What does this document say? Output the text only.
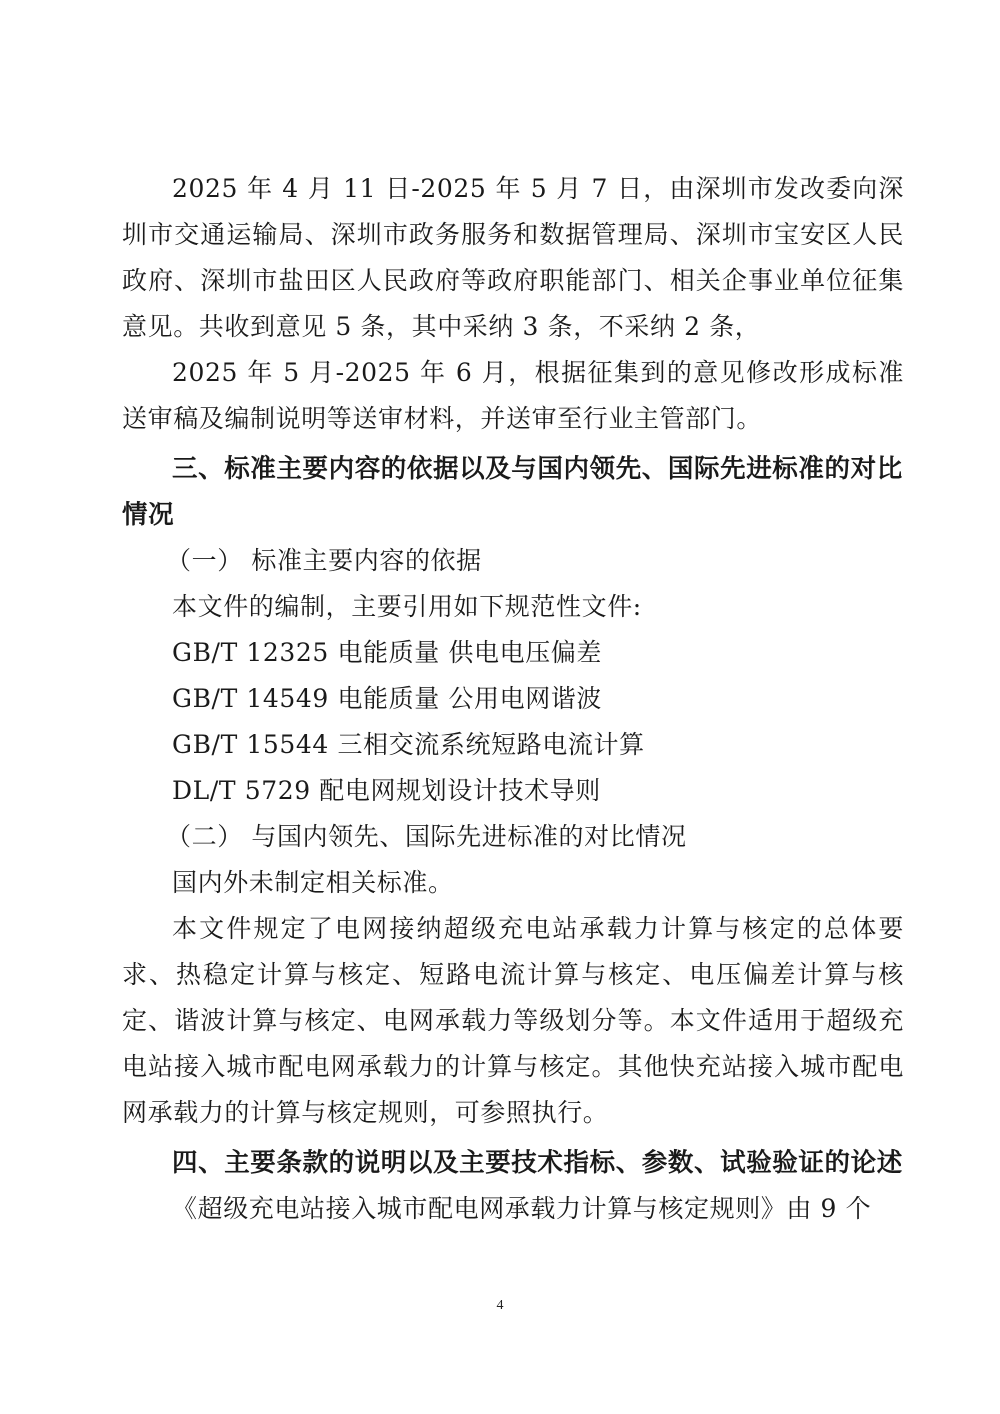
2025 年 4 月 11 日-2025 年 5 月 7 日，由深圳市发改委向深圳市交通运输局、深圳市政务服务和数据管理局、深圳市宝安区人民政府、深圳市盐田区人民政府等政府职能部门、相关企事业单位征集意见。共收到意见 5 条，其中采纳 3 条，不采纳 2 条，

2025 年 5 月-2025 年 6 月，根据征集到的意见修改形成标准送审稿及编制说明等送审材料，并送审至行业主管部门。

三、标准主要内容的依据以及与国内领先、国际先进标准的对比情况

（一） 标准主要内容的依据

本文件的编制，主要引用如下规范性文件:

GB/T 12325 电能质量 供电电压偏差

GB/T 14549 电能质量 公用电网谐波

GB/T 15544 三相交流系统短路电流计算

DL/T 5729 配电网规划设计技术导则

（二） 与国内领先、国际先进标准的对比情况

国内外未制定相关标准。

本文件规定了电网接纳超级充电站承载力计算与核定的总体要求、热稳定计算与核定、短路电流计算与核定、电压偏差计算与核定、谐波计算与核定、电网承载力等级划分等。本文件适用于超级充电站接入城市配电网承载力的计算与核定。其他快充站接入城市配电网承载力的计算与核定规则，可参照执行。

四、主要条款的说明以及主要技术指标、参数、试验验证的论述

《超级充电站接入城市配电网承载力计算与核定规则》由 9 个

4
